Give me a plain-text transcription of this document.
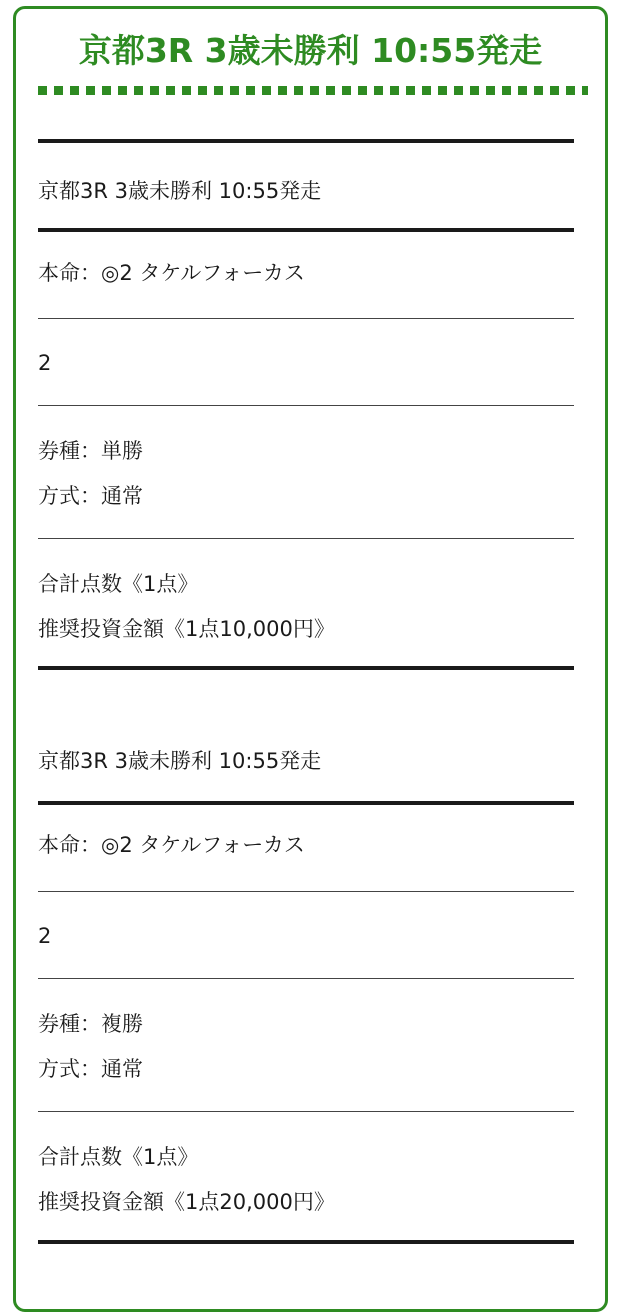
京都3R 3歳未勝利 10:55発走
京都3R 3歳未勝利 10:55発走
本命：◎2 タケルフォーカス
2
券種：単勝
方式：通常
合計点数《1点》
推奨投資金額《1点10,000円》
京都3R 3歳未勝利 10:55発走
本命：◎2 タケルフォーカス
2
券種：複勝
方式：通常
合計点数《1点》
推奨投資金額《1点20,000円》
